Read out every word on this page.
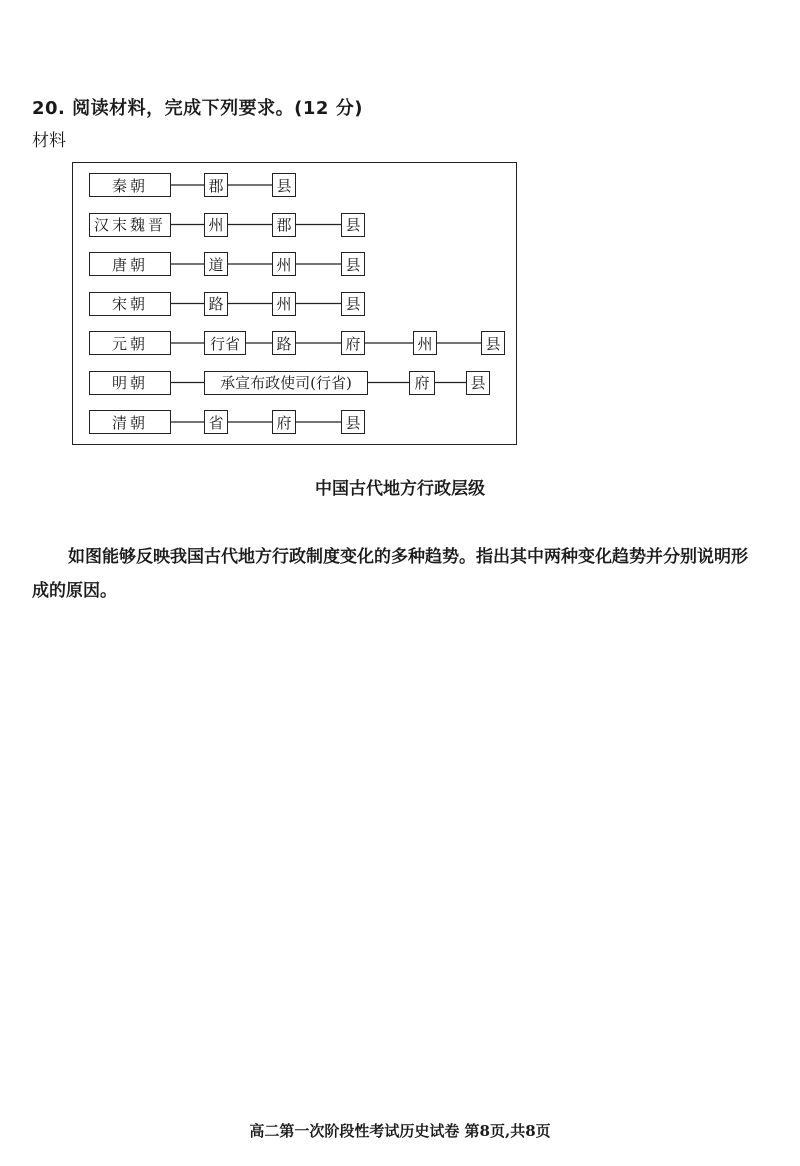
20. 阅读材料，完成下列要求。(12 分)
材料
秦朝	郡	县
汉末魏晋	州	郡	县
唐朝	道	州	县
宋朝	路	州	县
元朝	行省	路	府	州	县
明朝	承宣布政使司(行省)	府	县
清朝	省	府	县
中国古代地方行政层级
如图能够反映我国古代地方行政制度变化的多种趋势。指出其中两种变化趋势并分别说明形成的原因。
高二第一次阶段性考试历史试卷 第8页,共8页
